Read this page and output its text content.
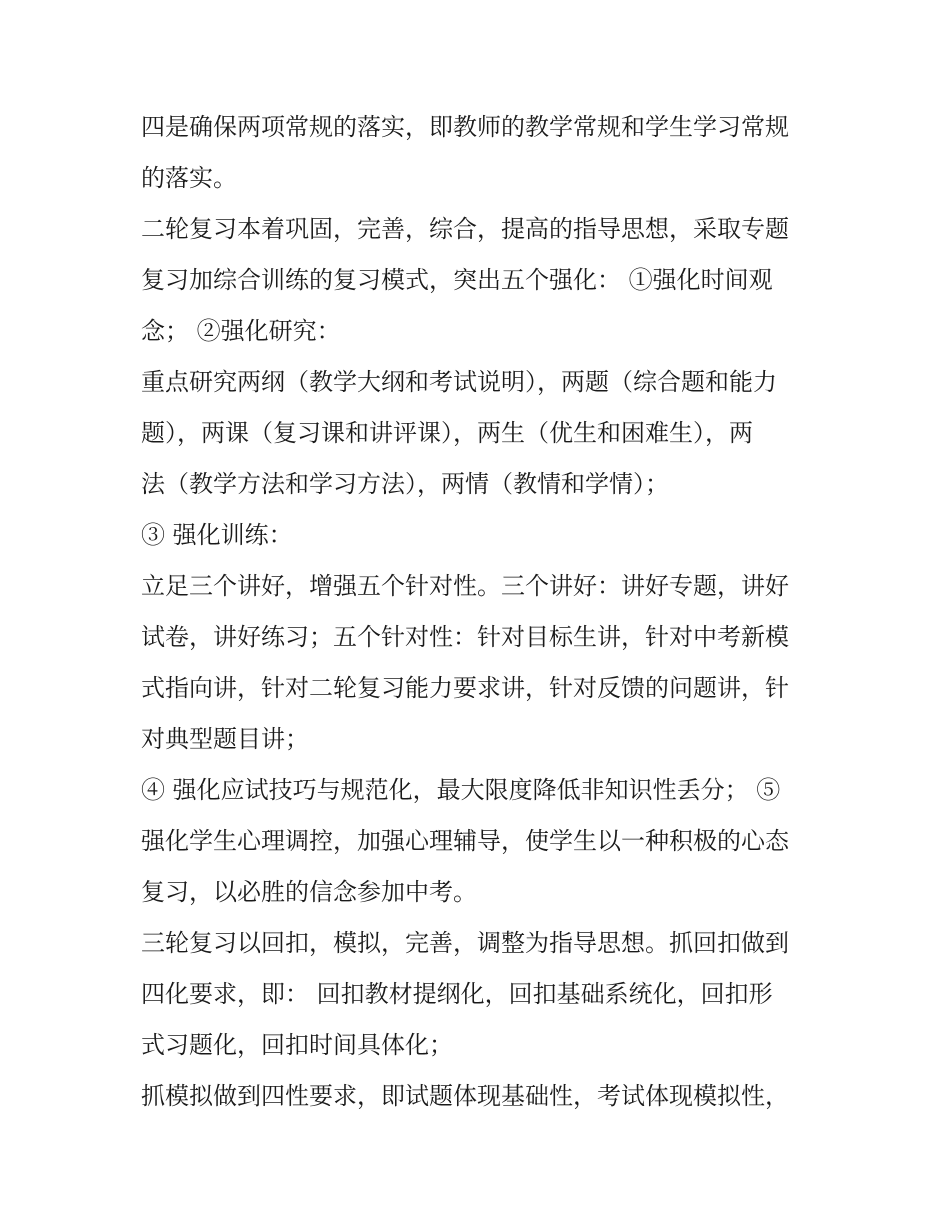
四是确保两项常规的落实，即教师的教学常规和学生学习常规
的落实。
二轮复习本着巩固，完善，综合，提高的指导思想，采取专题
复习加综合训练的复习模式，突出五个强化： ①强化时间观
念； ②强化研究：
重点研究两纲（教学大纲和考试说明），两题（综合题和能力
题），两课（复习课和讲评课），两生（优生和困难生），两
法（教学方法和学习方法），两情（教情和学情）；
③ 强化训练：
立足三个讲好，增强五个针对性。三个讲好：讲好专题，讲好
试卷，讲好练习；五个针对性：针对目标生讲，针对中考新模
式指向讲，针对二轮复习能力要求讲，针对反馈的问题讲，针
对典型题目讲；
④ 强化应试技巧与规范化，最大限度降低非知识性丢分； ⑤
强化学生心理调控，加强心理辅导，使学生以一种积极的心态
复习，以必胜的信念参加中考。
三轮复习以回扣，模拟，完善，调整为指导思想。抓回扣做到
四化要求，即： 回扣教材提纲化，回扣基础系统化，回扣形
式习题化，回扣时间具体化；
抓模拟做到四性要求，即试题体现基础性，考试体现模拟性，
